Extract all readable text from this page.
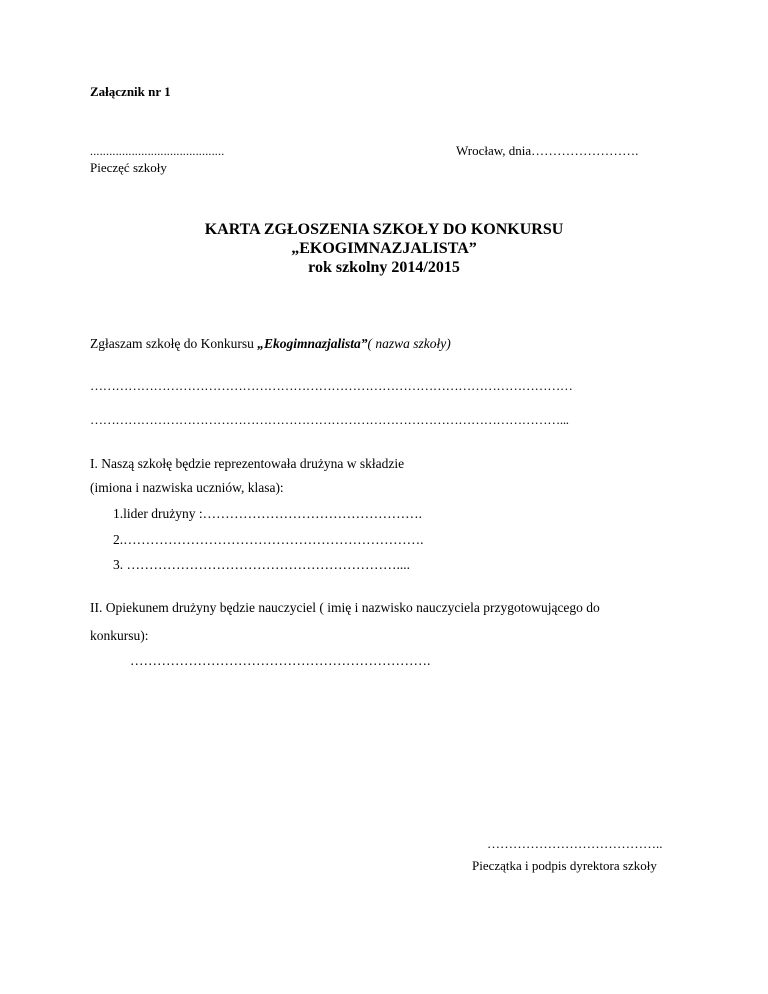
Załącznik nr 1
..........................................
Pieczęć szkoły
Wrocław, dnia…………………….
KARTA ZGŁOSZENIA SZKOŁY DO KONKURSU
„EKOGIMNAZJALISTA”
rok szkolny 2014/2015
Zgłaszam szkołę do Konkursu „Ekogimnazjalista”( nazwa szkoły)
……………………………………………………………………………………………………
…………………………………………………………………………………………………...
I. Naszą szkołę będzie reprezentowała drużyna w składzie
(imiona i nazwiska uczniów, klasa):
1.lider drużyny :………………………………………….
2.………………………………………………………….
3. ……………………………………………………....
II. Opiekunem drużyny będzie nauczyciel ( imię i nazwisko nauczyciela przygotowującego do
konkursu):
………………………………………………………….
…………………………………..
Pieczątka i podpis dyrektora szkoły
